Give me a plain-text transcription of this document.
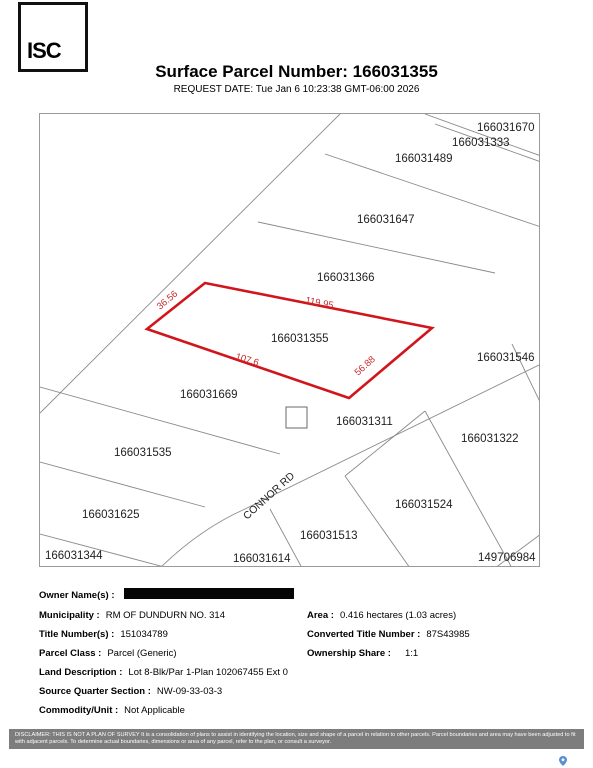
ISC
Surface Parcel Number: 166031355
REQUEST DATE: Tue Jan 6 10:23:38 GMT-06:00 2026
166031670
166031333
166031489
166031647
166031366
166031355
166031546
166031669
166031311
166031322
166031535
166031524
166031625
166031513
166031344	166031614	149706984
36.56	119.95
107.6	56.88
CONNOR RD
Owner Name(s) :
Municipality : RM OF DUNDURN NO. 314	Area : 0.416 hectares (1.03 acres)
Title Number(s) : 151034789	Converted Title Number : 87S43985
Parcel Class : Parcel (Generic)	Ownership Share : 1:1
Land Description : Lot 8-Blk/Par 1-Plan 102067455 Ext 0
Source Quarter Section : NW-09-33-03-3
Commodity/Unit : Not Applicable
DISCLAIMER: THIS IS NOT A PLAN OF SURVEY It is a consolidation of plans to assist in identifying the location, size and shape of a parcel in relation to other parcels. Parcel boundaries and area may have been adjusted to fit with adjacent parcels. To determine actual boundaries, dimensions or area of any parcel, refer to the plan, or consult a surveyor.
